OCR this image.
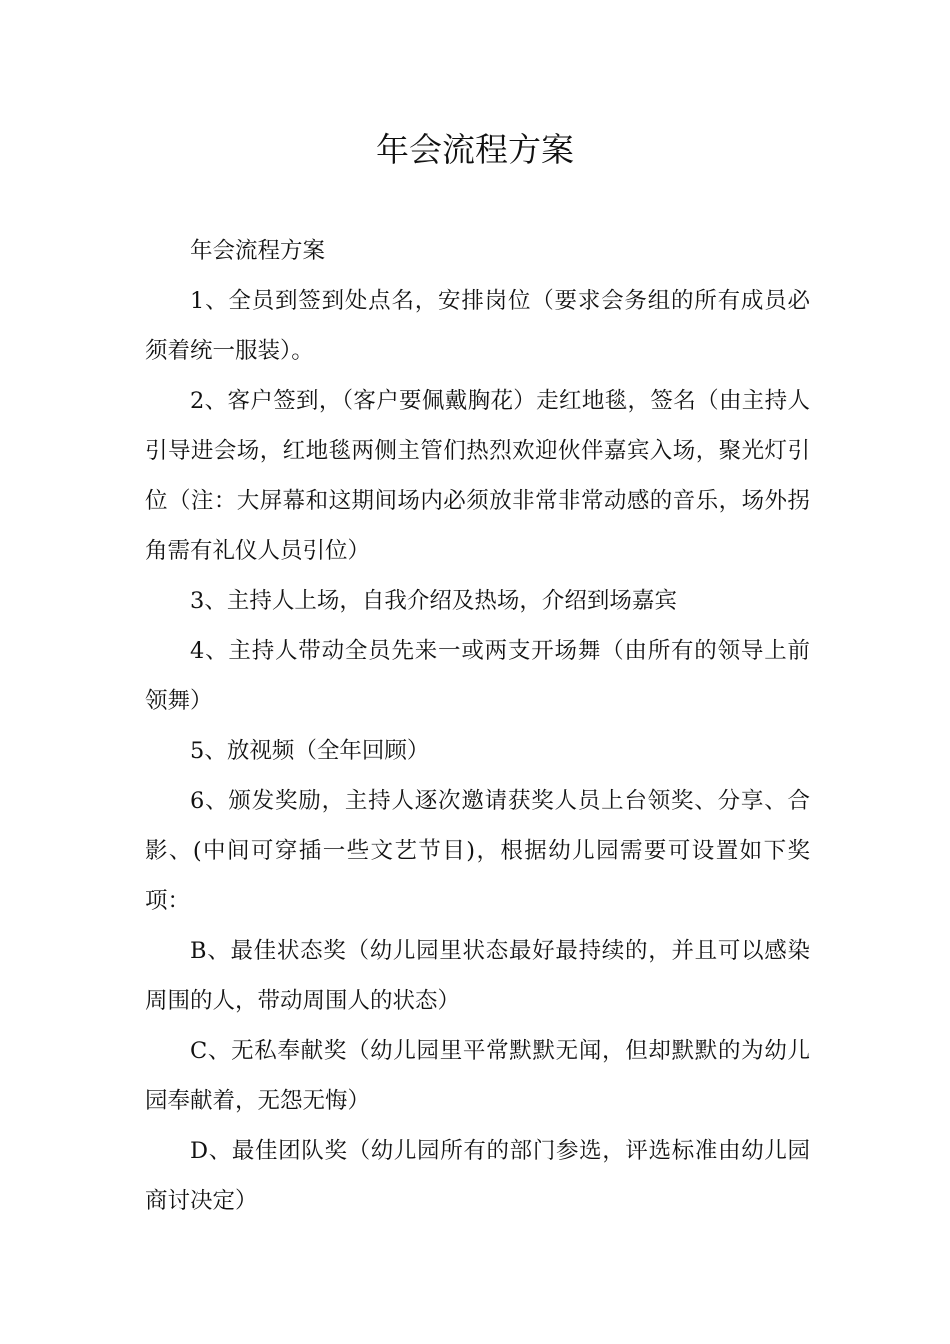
年会流程方案

年会流程方案

1、全员到签到处点名，安排岗位（要求会务组的所有成员必须着统一服装）。

2、客户签到，（客户要佩戴胸花）走红地毯，签名（由主持人引导进会场，红地毯两侧主管们热烈欢迎伙伴嘉宾入场，聚光灯引位（注：大屏幕和这期间场内必须放非常非常动感的音乐，场外拐角需有礼仪人员引位）

3、主持人上场，自我介绍及热场，介绍到场嘉宾

4、主持人带动全员先来一或两支开场舞（由所有的领导上前领舞）

5、放视频（全年回顾）

6、颁发奖励，主持人逐次邀请获奖人员上台领奖、分享、合影、(中间可穿插一些文艺节目)，根据幼儿园需要可设置如下奖项：

B、最佳状态奖（幼儿园里状态最好最持续的，并且可以感染周围的人，带动周围人的状态）

C、无私奉献奖（幼儿园里平常默默无闻，但却默默的为幼儿园奉献着，无怨无悔）

D、最佳团队奖（幼儿园所有的部门参选，评选标准由幼儿园商讨决定）
